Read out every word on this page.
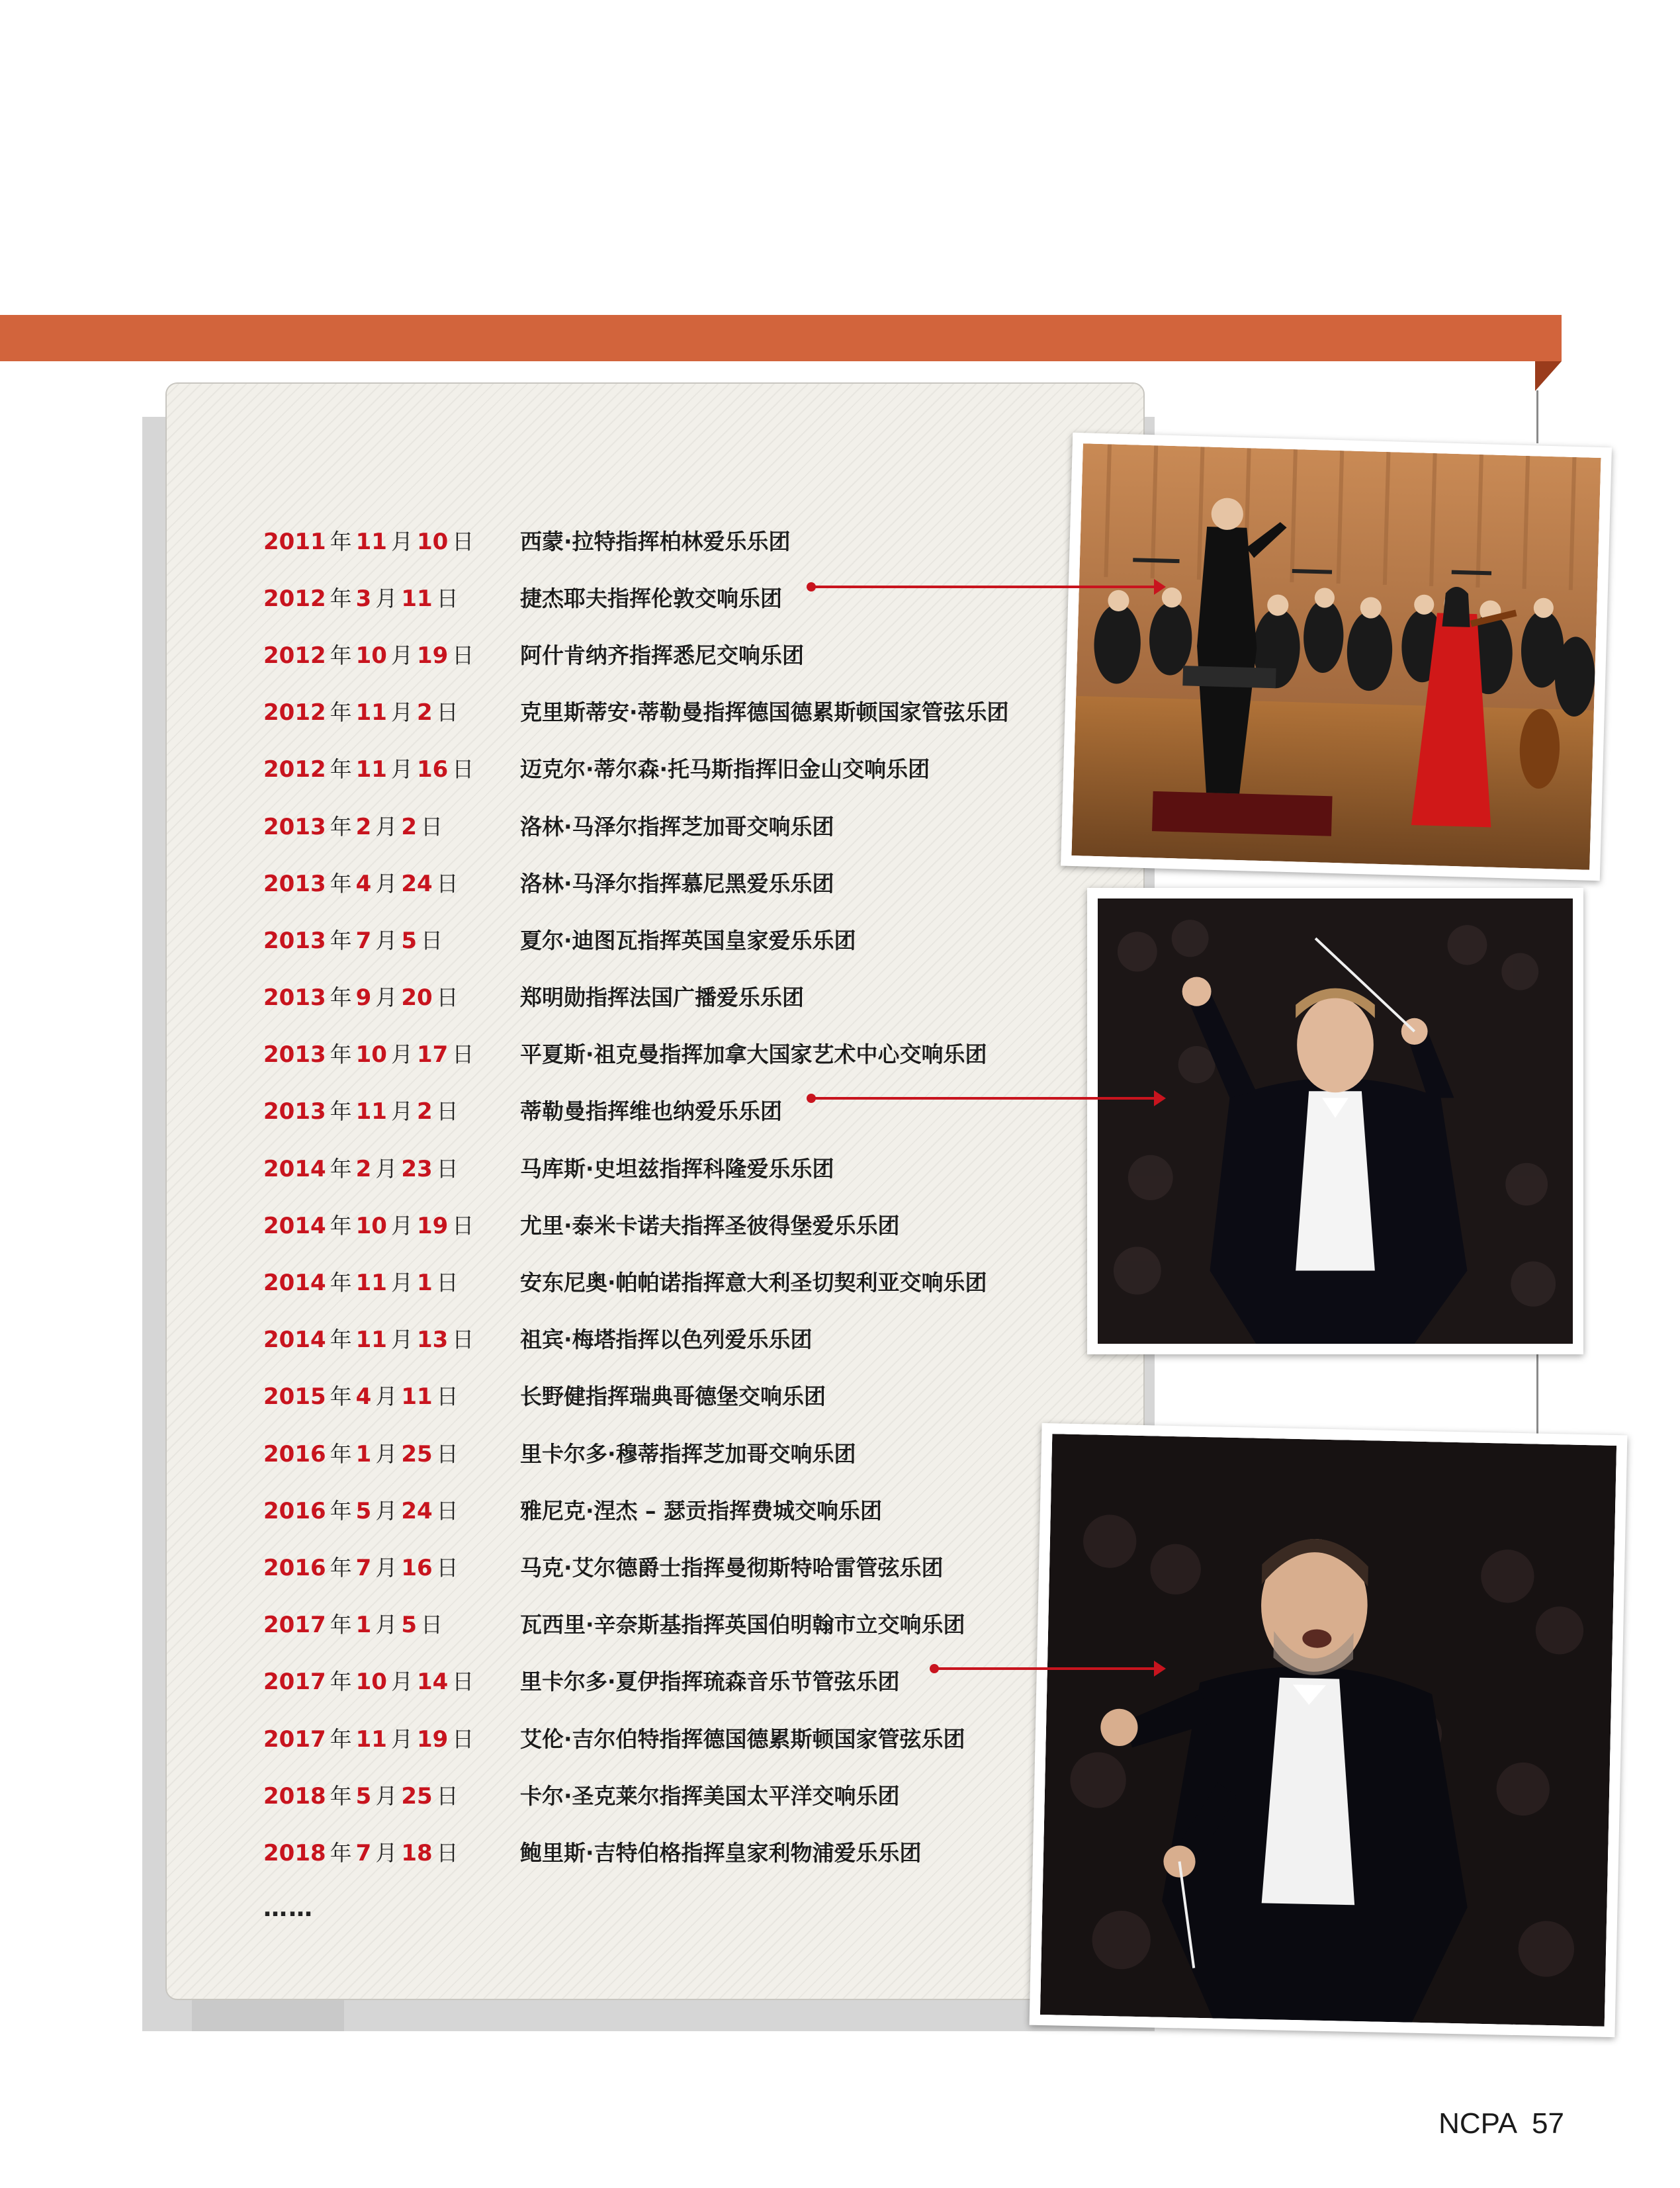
2011 年 11 月 10 日 西蒙·拉特指挥柏林爱乐乐团
2012 年 3 月 11 日	捷杰耶夫指挥伦敦交响乐团
2012 年 10 月 19 日 阿什肯纳齐指挥悉尼交响乐团
2012 年 11 月 2 日	克里斯蒂安·蒂勒曼指挥德国德累斯顿国家管弦乐团
2012 年 11 月 16 日 迈克尔·蒂尔森·托马斯指挥旧金山交响乐团
2013 年 2 月 2 日	洛林·马泽尔指挥芝加哥交响乐团
2013 年 4 月 24 日	洛林·马泽尔指挥慕尼黑爱乐乐团
2013 年 7 月 5 日	夏尔·迪图瓦指挥英国皇家爱乐乐团
2013 年 9 月 20 日	郑明勋指挥法国广播爱乐乐团
2013 年 10 月 17 日 平夏斯·祖克曼指挥加拿大国家艺术中心交响乐团
2013 年 11 月 2 日	蒂勒曼指挥维也纳爱乐乐团
2014 年 2 月 23 日	马库斯·史坦兹指挥科隆爱乐乐团
2014 年 10 月 19 日 尤里·泰米卡诺夫指挥圣彼得堡爱乐乐团
2014 年 11 月 1 日	安东尼奥·帕帕诺指挥意大利圣切契利亚交响乐团
2014 年 11 月 13 日 祖宾·梅塔指挥以色列爱乐乐团
2015 年 4 月 11 日	长野健指挥瑞典哥德堡交响乐团
2016 年 1 月 25 日	里卡尔多·穆蒂指挥芝加哥交响乐团
2016 年 5 月 24 日	雅尼克·涅杰 – 瑟贡指挥费城交响乐团
2016 年 7 月 16 日	马克·艾尔德爵士指挥曼彻斯特哈雷管弦乐团
2017 年 1 月 5 日	瓦西里·辛奈斯基指挥英国伯明翰市立交响乐团
2017 年 10 月 14 日 里卡尔多·夏伊指挥琉森音乐节管弦乐团
2017 年 11 月 19 日 艾伦·吉尔伯特指挥德国德累斯顿国家管弦乐团
2018 年 5 月 25 日	卡尔·圣克莱尔指挥美国太平洋交响乐团
2018 年 7 月 18 日	鲍里斯·吉特伯格指挥皇家利物浦爱乐乐团
……
NCPA 57
